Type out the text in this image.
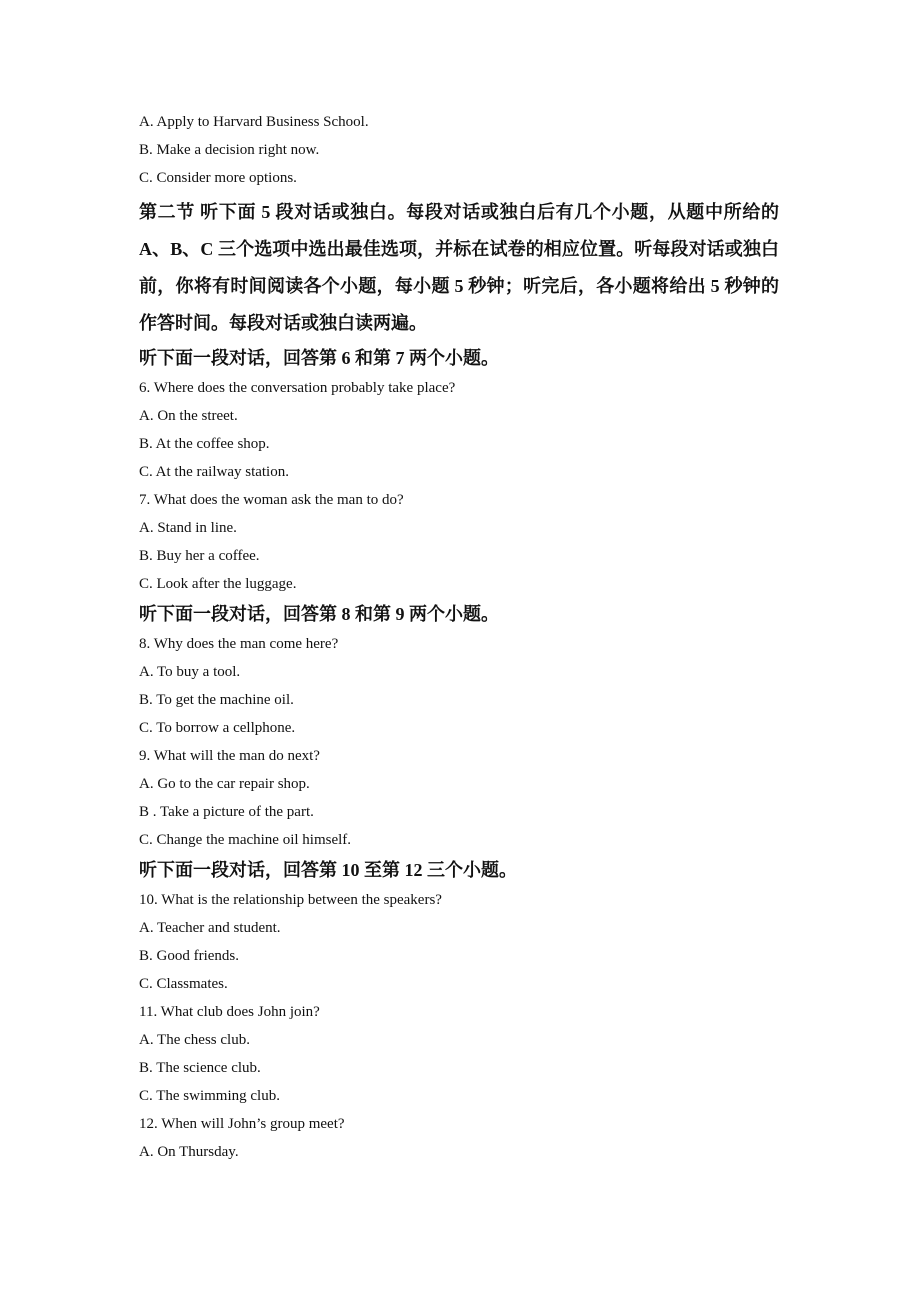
A. Apply to Harvard Business School.
B. Make a decision right now.
C. Consider more options.
第二节 听下面 5 段对话或独白。每段对话或独白后有几个小题，从题中所给的 A、B、C 三个选项中选出最佳选项，并标在试卷的相应位置。听每段对话或独白前，你将有时间阅读各个小题，每小题 5 秒钟；听完后，各小题将给出 5 秒钟的作答时间。每段对话或独白读两遍。
听下面一段对话，回答第 6 和第 7 两个小题。
6. Where does the conversation probably take place?
A. On the street.
B. At the coffee shop.
C. At the railway station.
7. What does the woman ask the man to do?
A. Stand in line.
B. Buy her a coffee.
C. Look after the luggage.
听下面一段对话，回答第 8 和第 9 两个小题。
8. Why does the man come here?
A. To buy a tool.
B. To get the machine oil.
C. To borrow a cellphone.
9. What will the man do next?
A. Go to the car repair shop.
B . Take a picture of the part.
C. Change the machine oil himself.
听下面一段对话，回答第 10 至第 12 三个小题。
10. What is the relationship between the speakers?
A. Teacher and student.
B. Good friends.
C. Classmates.
11. What club does John join?
A. The chess club.
B. The science club.
C. The swimming club.
12. When will John’s group meet?
A. On Thursday.
